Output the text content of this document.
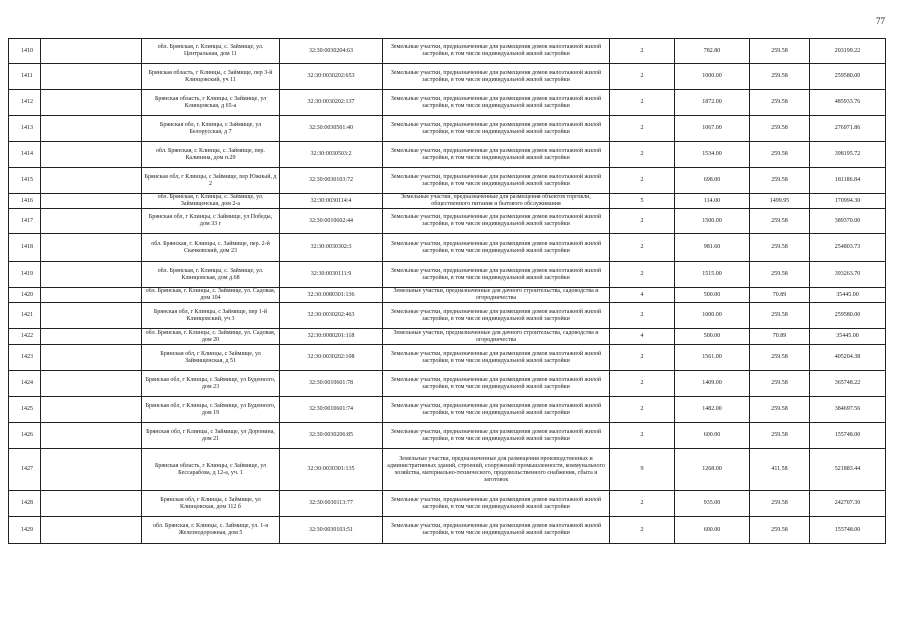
77
1410		обл. Брянская, г. Клинцы, с. Займище, ул. Центральная, дом 11	32:30:0030204:63	Земельные участки, предназначенные для размещения домов малоэтажной жилой застройки, в том числе индивидуальной жилой застройки	2	782.80	259.58	203199.22
1411		Брянская область, г Клинцы, с Займище, пер 3-й Клинцовский, уч 11	32:30:0030202:653	Земельные участки, предназначенные для размещения домов малоэтажной жилой застройки, в том числе индивидуальной жилой застройки	2	1000.00	259.58	259580.00
1412		Брянская область, г Клинцы, с Займище, ул Клинцовская, д 65-а	32:30:0030202:137	Земельные участки, предназначенные для размещения домов малоэтажной жилой застройки, в том числе индивидуальной жилой застройки	2	1872.00	259.58	485933.76
1413		Брянская обл, г. Клинцы, с Займище, ул Белорусская, д 7	32:30:0030501:40	Земельные участки, предназначенные для размещения домов малоэтажной жилой застройки, в том числе индивидуальной жилой застройки	2	1067.00	259.58	276971.86
1414		обл. Брянская, г. Клинцы, с. Займище, пер. Калинина, дом п.29	32:30:0030503:2	Земельные участки, предназначенные для размещения домов малоэтажной жилой застройки, в том числе индивидуальной жилой застройки	2	1534.00	259.58	398195.72
1415		Брянская обл, г Клинцы, с Займище, пер Южный, д 2	32:30:0030103:72	Земельные участки, предназначенные для размещения домов малоэтажной жилой застройки, в том числе индивидуальной жилой застройки	2	698.00	259.58	181186.84
1416		обл. Брянская, г. Клинцы, с. Займище, ул. Займищенская, дом 2-а	32:30:0030114:4	Земельные участки, предназначенные для размещения объектов торговли, общественного питания и бытового обслуживания	5	114.00	1499.95	170994.30
1417		Брянская обл, г Клинцы, с Займище, ул Победы, дом 33 г	32:30:0010602:44	Земельные участки, предназначенные для размещения домов малоэтажной жилой застройки, в том числе индивидуальной жилой застройки	2	1500.00	259.58	389370.00
1418		обл. Брянская, г. Клинцы, с. Займище, пер. 2-й Скачковский, дом 23	32:30:0030302:3	Земельные участки, предназначенные для размещения домов малоэтажной жилой застройки, в том числе индивидуальной жилой застройки	2	981.60	259.58	254803.73
1419		обл. Брянская, г. Клинцы, с. Займище, ул. Клинцовская, дом д.68	32:30:0030111:9	Земельные участки, предназначенные для размещения домов малоэтажной жилой застройки, в том числе индивидуальной жилой застройки	2	1515.00	259.58	393263.70
1420		обл. Брянская, г. Клинцы, с. Займище, ул. Садовая, дом 104	32:30:0080301:136	Земельные участки, предназначенные для дачного строительства, садоводства и огородничества	4	500.00	70.89	35445.00
1421		Брянская обл, г Клинцы, с Займище, пер 1-й Клинцовский, уч 3	32:30:0030202:463	Земельные участки, предназначенные для размещения домов малоэтажной жилой застройки, в том числе индивидуальной жилой застройки	2	1000.00	259.58	259580.00
1422		обл. Брянская, г. Клинцы, с. Займище, ул. Садовая, дом 20	32:30:0080201:118	Земельные участки, предназначенные для дачного строительства, садоводства и огородничества	4	500.00	70.89	35445.00
1423		Брянская обл, г Клинцы, с Займище, ул Займищенская, д 51	32:30:0030202:108	Земельные участки, предназначенные для размещения домов малоэтажной жилой застройки, в том числе индивидуальной жилой застройки	2	1561.00	259.58	405204.38
1424		Брянская обл, г Клинцы, с Займище, ул Буденного, дом 23	32:30:0010601:78	Земельные участки, предназначенные для размещения домов малоэтажной жилой застройки, в том числе индивидуальной жилой застройки	2	1409.00	259.58	365748.22
1425		Брянская обл, г Клинцы, с Займище, ул Буденного, дом 19	32:30:0010601:74	Земельные участки, предназначенные для размещения домов малоэтажной жилой застройки, в том числе индивидуальной жилой застройки	2	1482.00	259.58	384697.56
1426		Брянская обл, г Клинцы, с Займище, ул Доронина, дом 21	32:30:0030206:85	Земельные участки, предназначенные для размещения домов малоэтажной жилой застройки, в том числе индивидуальной жилой застройки	2	600.00	259.58	155748.00
1427		Брянская область, г Клинцы, с Займище, ул Бессарабова, д 12-а, уч. 1	32:30:0030301:135	Земельные участки, предназначенные для размещения производственных и административных зданий, строений, сооружений промышленности, коммунального хозяйства, материально-технического, продовольственного снабжения, сбыта и заготовок	9	1268.00	411.58	521883.44
1428		Брянская обл, г Клинцы, с Займище, ул Клинцовская, дом 112 б	32:30:0030113:77	Земельные участки, предназначенные для размещения домов малоэтажной жилой застройки, в том числе индивидуальной жилой застройки	2	935.00	259.58	242707.30
1429		обл. Брянская, г. Клинцы, с. Займище, ул. 1-я Железнодорожная, дом 5	32:30:0030103:51	Земельные участки, предназначенные для размещения домов малоэтажной жилой застройки, в том числе индивидуальной жилой застройки	2	600.00	259.58	155748.00
